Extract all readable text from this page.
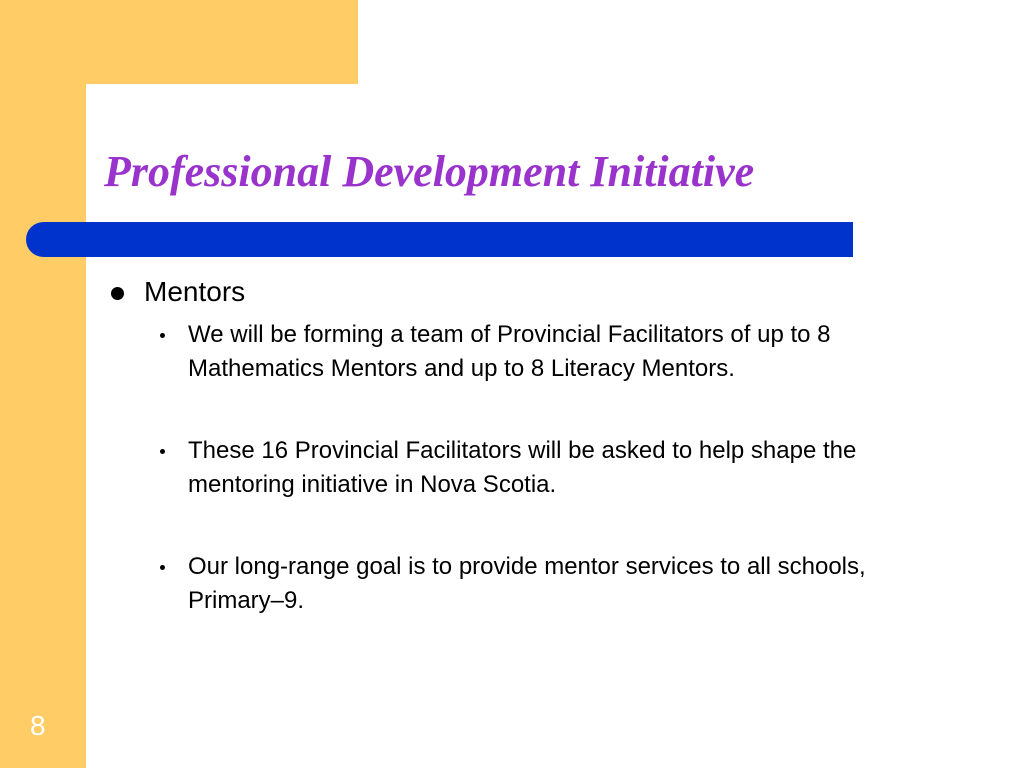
Professional Development Initiative
Mentors
We will be forming a team of Provincial Facilitators of up to 8 Mathematics Mentors and up to 8 Literacy Mentors.
These 16 Provincial Facilitators will be asked to help shape the mentoring initiative in Nova Scotia.
Our long-range goal is to provide mentor services to all schools, Primary–9.
8
